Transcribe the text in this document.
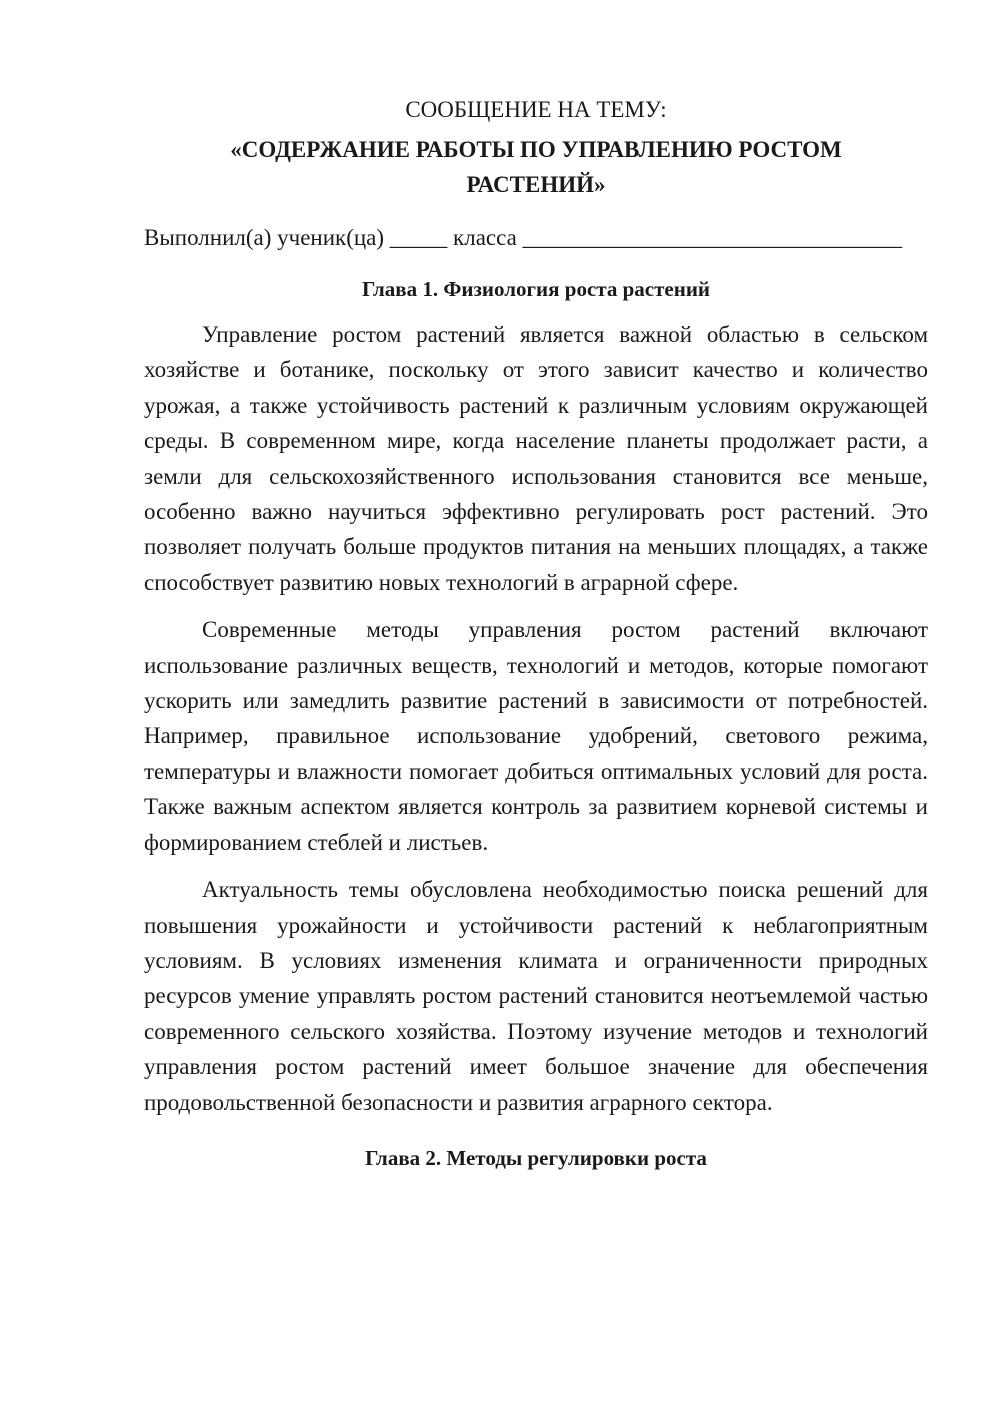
СООБЩЕНИЕ НА ТЕМУ:

«СОДЕРЖАНИЕ РАБОТЫ ПО УПРАВЛЕНИЮ РОСТОМ РАСТЕНИЙ»

Выполнил(а) ученик(ца) _____ класса _________________________________

Глава 1. Физиология роста растений

Управление ростом растений является важной областью в сельском хозяйстве и ботанике, поскольку от этого зависит качество и количество урожая, а также устойчивость растений к различным условиям окружающей среды. В современном мире, когда население планеты продолжает расти, а земли для сельскохозяйственного использования становится все меньше, особенно важно научиться эффективно регулировать рост растений. Это позволяет получать больше продуктов питания на меньших площадях, а также способствует развитию новых технологий в аграрной сфере.

Современные методы управления ростом растений включают использование различных веществ, технологий и методов, которые помогают ускорить или замедлить развитие растений в зависимости от потребностей. Например, правильное использование удобрений, светового режима, температуры и влажности помогает добиться оптимальных условий для роста. Также важным аспектом является контроль за развитием корневой системы и формированием стеблей и листьев.

Актуальность темы обусловлена необходимостью поиска решений для повышения урожайности и устойчивости растений к неблагоприятным условиям. В условиях изменения климата и ограниченности природных ресурсов умение управлять ростом растений становится неотъемлемой частью современного сельского хозяйства. Поэтому изучение методов и технологий управления ростом растений имеет большое значение для обеспечения продовольственной безопасности и развития аграрного сектора.

Глава 2. Методы регулировки роста
